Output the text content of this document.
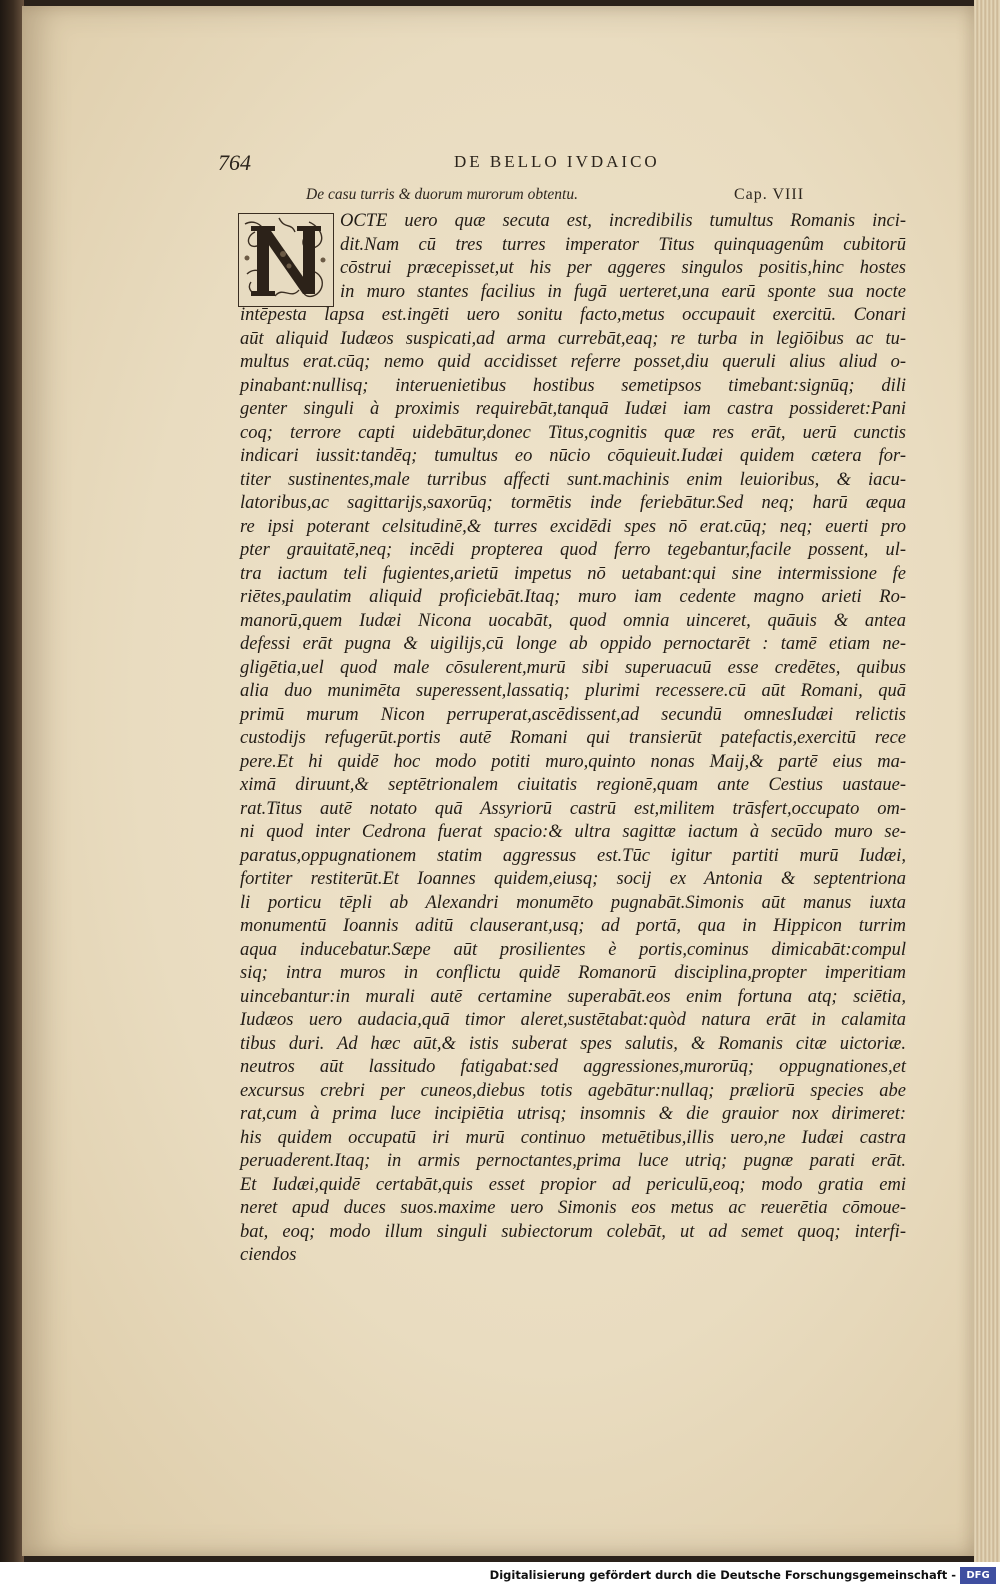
764	DE BELLO IVDAICO
De casu turris & duorum murorum obtentu.	Cap. VIII
OCTE uero quæ secuta est, incredibilis tumultus Romanis inci-
dit.Nam cū tres turres imperator Titus quinquagenûm cubitorū
cōstrui præcepisset,ut his per aggeres singulos positis,hinc hostes
in muro stantes facilius in fugā uerteret,una earū sponte sua nocte
intēpesta lapsa est.ingēti uero sonitu facto,metus occupauit exercitū. Conari
aūt aliquid Iudæos suspicati,ad arma currebāt,eaq; re turba in legiōibus ac tu-
multus erat.cūq; nemo quid accidisset referre posset,diu queruli alius aliud o-
pinabant:nullisq; interuenietibus hostibus semetipsos timebant:signūq; dili
genter singuli à proximis requirebāt,tanquā Iudæi iam castra possideret:Pani
coq; terrore capti uidebātur,donec Titus,cognitis quæ res erāt, uerū cunctis
indicari iussit:tandēq; tumultus eo nūcio cōquieuit.Iudæi quidem cætera for-
titer sustinentes,male turribus affecti sunt.machinis enim leuioribus, & iacu-
latoribus,ac sagittarijs,saxorūq; tormētis inde feriebātur.Sed neq; harū æqua
re ipsi poterant celsitudinē,& turres excidēdi spes nō erat.cūq; neq; euerti pro
pter grauitatē,neq; incēdi propterea quod ferro tegebantur,facile possent, ul-
tra iactum teli fugientes,arietū impetus nō uetabant:qui sine intermissione fe
riētes,paulatim aliquid proficiebāt.Itaq; muro iam cedente magno arieti Ro-
manorū,quem Iudæi Nicona uocabāt, quod omnia uinceret, quāuis & antea
defessi erāt pugna & uigilijs,cū longe ab oppido pernoctarēt : tamē etiam ne-
gligētia,uel quod male cōsulerent,murū sibi superuacuū esse credētes, quibus
alia duo munimēta superessent,lassatiq; plurimi recessere.cū aūt Romani, quā
primū murum Nicon perruperat,ascēdissent,ad secundū omnesIudæi relictis
custodijs refugerūt.portis autē Romani qui transierūt patefactis,exercitū rece
pere.Et hi quidē hoc modo potiti muro,quinto nonas Maij,& partē eius ma-
ximā diruunt,& septētrionalem ciuitatis regionē,quam ante Cestius uastaue-
rat.Titus autē notato quā Assyriorū castrū est,militem trāsfert,occupato om-
ni quod inter Cedrona fuerat spacio:& ultra sagittæ iactum à secūdo muro se-
paratus,oppugnationem statim aggressus est.Tūc igitur partiti murū Iudæi,
fortiter restiterūt.Et Ioannes quidem,eiusq; socij ex Antonia & septentriona
li porticu tēpli ab Alexandri monumēto pugnabāt.Simonis aūt manus iuxta
monumentū Ioannis aditū clauserant,usq; ad portā, qua in Hippicon turrim
aqua inducebatur.Sæpe aūt prosilientes è portis,cominus dimicabāt:compul
siq; intra muros in conflictu quidē Romanorū disciplina,propter imperitiam
uincebantur:in murali autē certamine superabāt.eos enim fortuna atq; sciētia,
Iudæos uero audacia,quā timor aleret,sustētabat:quòd natura erāt in calamita
tibus duri. Ad hæc aūt,& istis suberat spes salutis, & Romanis citæ uictoriæ.
neutros aūt lassitudo fatigabat:sed aggressiones,murorūq; oppugnationes,et
excursus crebri per cuneos,diebus totis agebātur:nullaq; præliorū species abe
rat,cum à prima luce incipiētia utrisq; insomnis & die grauior nox dirimeret:
his quidem occupatū iri murū continuo metuētibus,illis uero,ne Iudæi castra
peruaderent.Itaq; in armis pernoctantes,prima luce utriq; pugnæ parati erāt.
Et Iudæi,quidē certabāt,quis esset propior ad periculū,eoq; modo gratia emi
neret apud duces suos.maxime uero Simonis eos metus ac reuerētia cōmoue-
bat, eoq; modo illum singuli subiectorum colebāt, ut ad semet quoq; interfi-
ciendos
Digitalisierung gefördert durch die Deutsche Forschungsgemeinschaft -	DFG
